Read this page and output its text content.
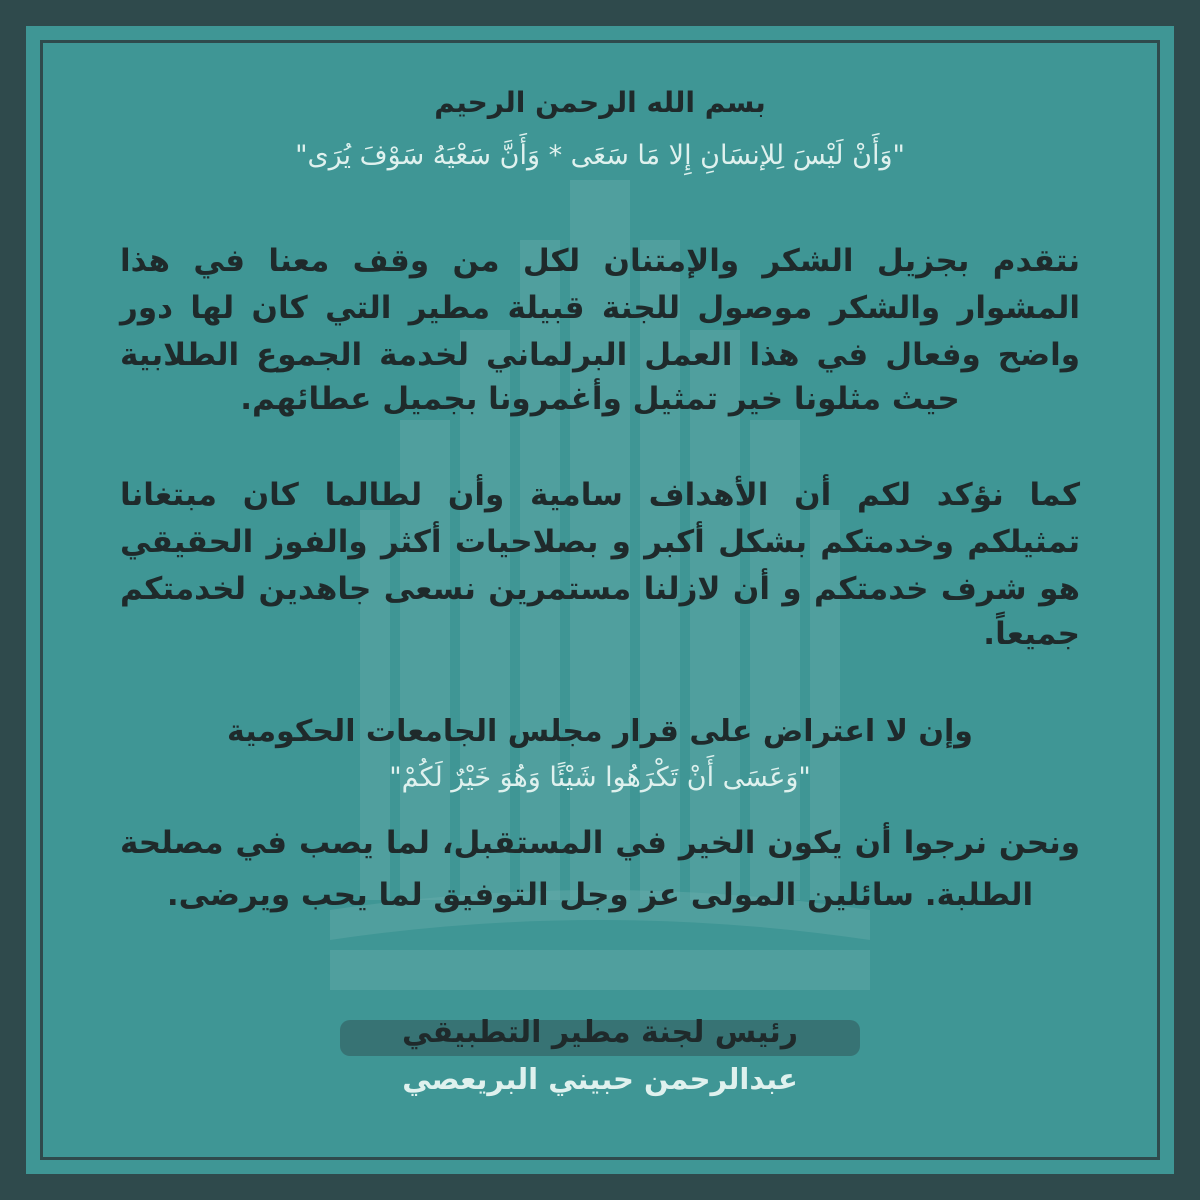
بسم الله الرحمن الرحيم

"وَأَنْ لَيْسَ لِلإنسَانِ إِلا مَا سَعَى * وَأَنَّ سَعْيَهُ سَوْفَ يُرَى"

نتقدم بجزيل الشكر والإمتنان لكل من وقف معنا في هذا

المشوار والشكر موصول للجنة قبيلة مطير التي كان لها دور

واضح وفعال في هذا العمل البرلماني لخدمة الجموع الطلابية

حيث مثلونا خير تمثيل وأغمرونا بجميل عطائهم.

كما نؤكد لكم أن الأهداف سامية وأن لطالما كان مبتغانا

تمثيلكم وخدمتكم بشكل أكبر و بصلاحيات أكثر والفوز الحقيقي

هو شرف خدمتكم و أن لازلنا مستمرين نسعى جاهدين لخدمتكم

جميعاً.

وإن لا اعتراض على قرار مجلس الجامعات الحكومية

"وَعَسَى أَنْ تَكْرَهُوا شَيْئًا وَهُوَ خَيْرٌ لَكُمْ"

ونحن نرجوا أن يكون الخير في المستقبل، لما يصب في مصلحة

الطلبة. سائلين المولى عز وجل التوفيق لما يحب ويرضى.

رئيس لجنة مطير التطبيقي

عبدالرحمن حبيني البريعصي
